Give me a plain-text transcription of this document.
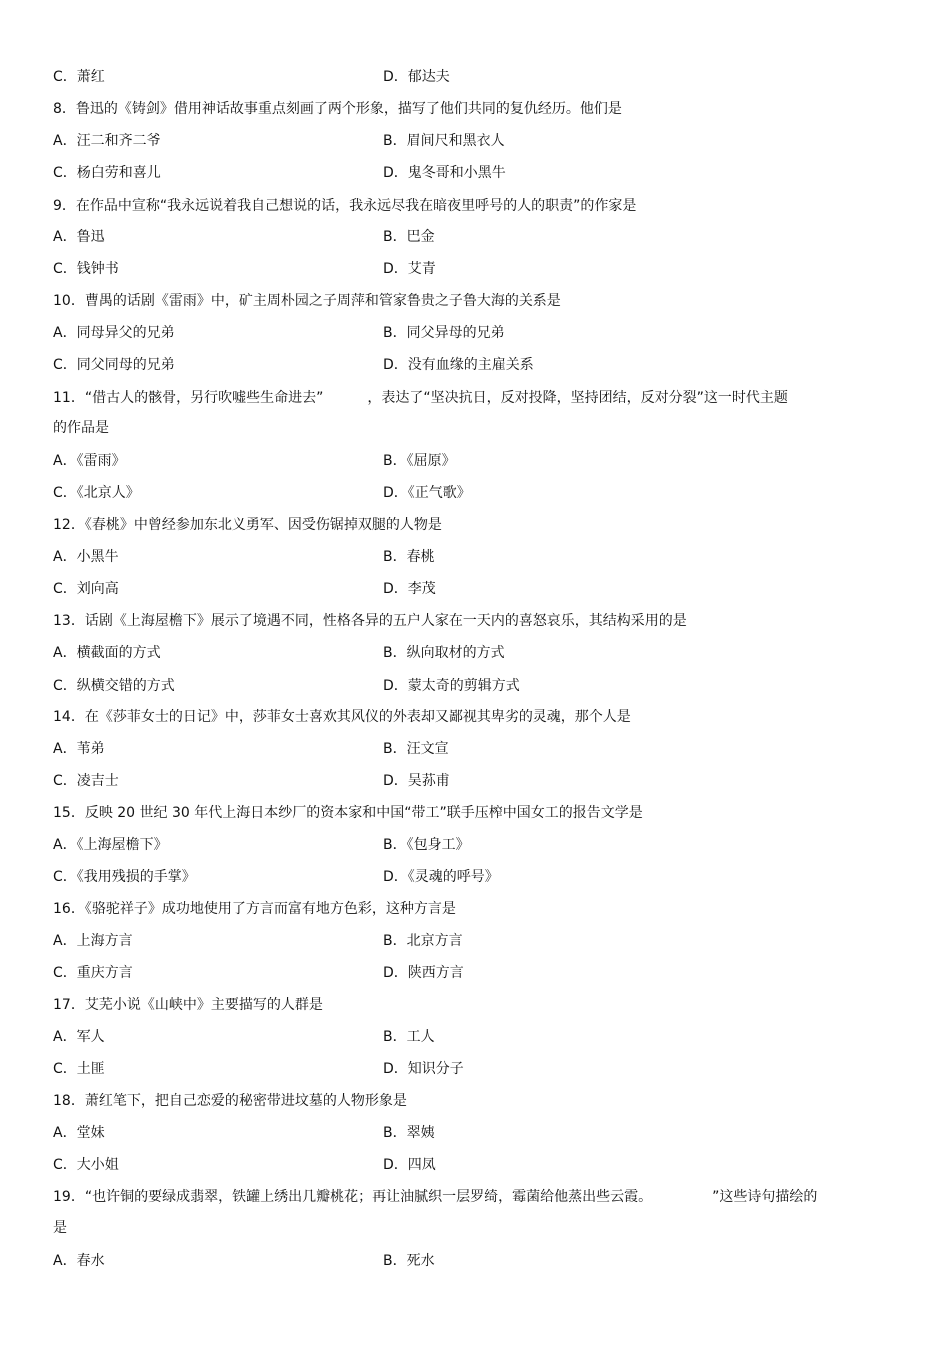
C．萧红	D．郁达夫
8．鲁迅的《铸剑》借用神话故事重点刻画了两个形象，描写了他们共同的复仇经历。他们是
A．汪二和齐二爷	B．眉间尺和黑衣人
C．杨白劳和喜儿	D．鬼冬哥和小黑牛
9．在作品中宣称“我永远说着我自己想说的话，我永远尽我在暗夜里呼号的人的职责”的作家是
A．鲁迅	B．巴金
C．钱钟书	D．艾青
10．曹禺的话剧《雷雨》中，矿主周朴园之子周萍和管家鲁贵之子鲁大海的关系是
A．同母异父的兄弟	B．同父异母的兄弟
C．同父同母的兄弟	D．没有血缘的主雇关系
11．“借古人的骸骨，另行吹嘘些生命进去”	，表达了“坚决抗日，反对投降，坚持团结，反对分裂”这一时代主题
的作品是
A．《雷雨》	B．《屈原》
C．《北京人》	D．《正气歌》
12．《春桃》中曾经参加东北义勇军、因受伤锯掉双腿的人物是
A．小黑牛	B．春桃
C．刘向高	D．李茂
13．话剧《上海屋檐下》展示了境遇不同，性格各异的五户人家在一天内的喜怒哀乐，其结构采用的是
A．横截面的方式	B．纵向取材的方式
C．纵横交错的方式	D．蒙太奇的剪辑方式
14．在《莎菲女士的日记》中，莎菲女士喜欢其风仪的外表却又鄙视其卑劣的灵魂，那个人是
A．苇弟	B．汪文宣
C．凌吉士	D．吴荪甫
15．反映 20 世纪 30 年代上海日本纱厂的资本家和中国“带工”联手压榨中国女工的报告文学是
A．《上海屋檐下》	B．《包身工》
C．《我用残损的手掌》	D．《灵魂的呼号》
16．《骆驼祥子》成功地使用了方言而富有地方色彩，这种方言是
A．上海方言	B．北京方言
C．重庆方言	D．陕西方言
17．艾芜小说《山峡中》主要描写的人群是
A．军人	B．工人
C．土匪	D．知识分子
18．萧红笔下，把自己恋爱的秘密带进坟墓的人物形象是
A．堂妹	B．翠姨
C．大小姐	D．四凤
19．“也许铜的要绿成翡翠，铁罐上绣出几瓣桃花；再让油腻织一层罗绮，霉菌给他蒸出些云霞。	”这些诗句描绘的
是
A．春水	B．死水
